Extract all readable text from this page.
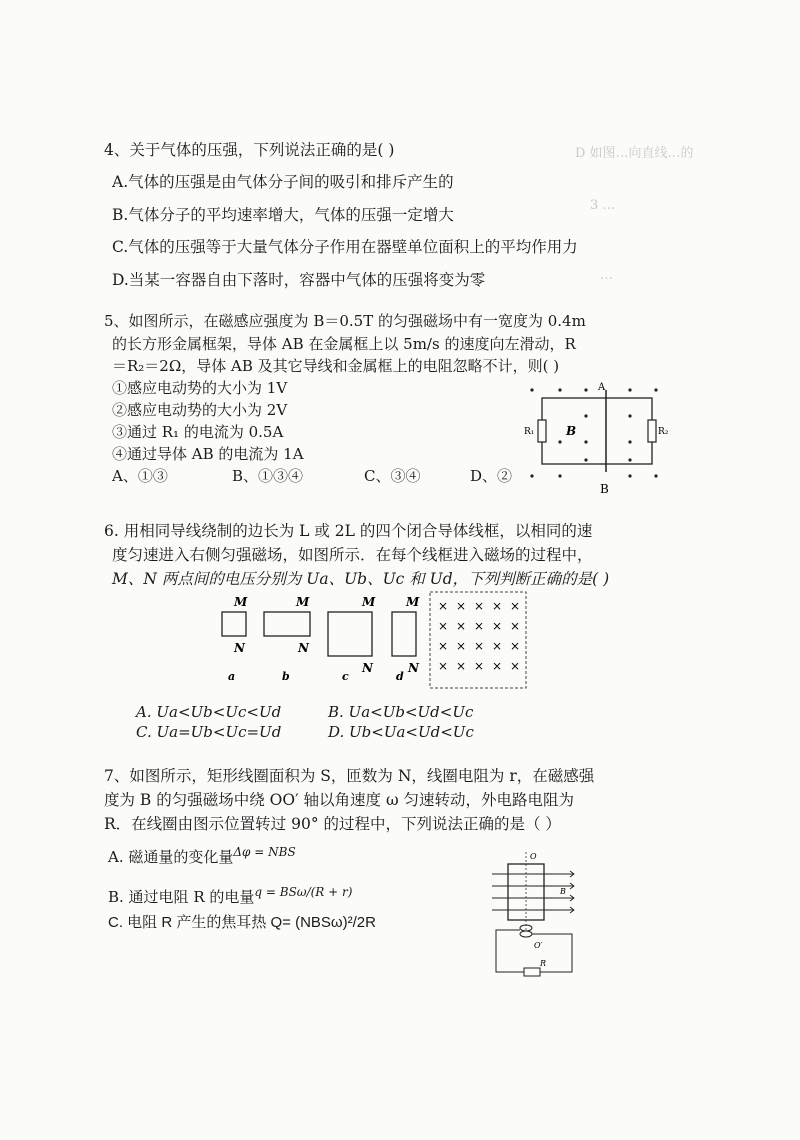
D 如图…向直线…的
3 …
…
4、关于气体的压强，下列说法正确的是( )
A.气体的压强是由气体分子间的吸引和排斥产生的
B.气体分子的平均速率增大，气体的压强一定增大
C.气体的压强等于大量气体分子作用在器壁单位面积上的平均作用力
D.当某一容器自由下落时，容器中气体的压强将变为零
5、如图所示，在磁感应强度为 B＝0.5T 的匀强磁场中有一宽度为 0.4m
的长方形金属框架，导体 AB 在金属框上以 5m/s 的速度向左滑动，R
＝R₂＝2Ω，导体 AB 及其它导线和金属框上的电阻忽略不计，则( )
①感应电动势的大小为 1V
②感应电动势的大小为 2V
③通过 R₁ 的电流为 0.5A
④通过导体 AB 的电流为 1A
A、①③	B、①③④	C、③④	D、②
R₁	R₂
B
A
B
6. 用相同导线绕制的边长为 L 或 2L 的四个闭合导体线框，以相同的速
度匀速进入右侧匀强磁场，如图所示．在每个线框进入磁场的过程中，
M、N 两点间的电压分别为 Ua、Ub、Uc 和 Ud，下列判断正确的是( )
M
N
a
M
N
b
M
N
c
M
N
d
× × × × ×
× × × × ×
× × × × ×
× × × × ×
A. Ua<Ub<Uc<Ud	B. Ua<Ub<Ud<Uc
C. Ua=Ub<Uc=Ud	D. Ub<Ua<Ud<Uc
7、如图所示，矩形线圈面积为 S，匝数为 N，线圈电阻为 r，在磁感强
度为 B 的匀强磁场中绕 OO′ 轴以角速度 ω 匀速转动，外电路电阻为
R．在线圈由图示位置转过 90° 的过程中，下列说法正确的是（ ）
A. 磁通量的变化量$^{\Delta\varphi = NBS}$
B. 通过电阻 R 的电量$^{q = BS\omega/(R + r)}$
C. 电阻 R 产生的焦耳热 Q= (NBSω)²/2R
O
B
O′
R
